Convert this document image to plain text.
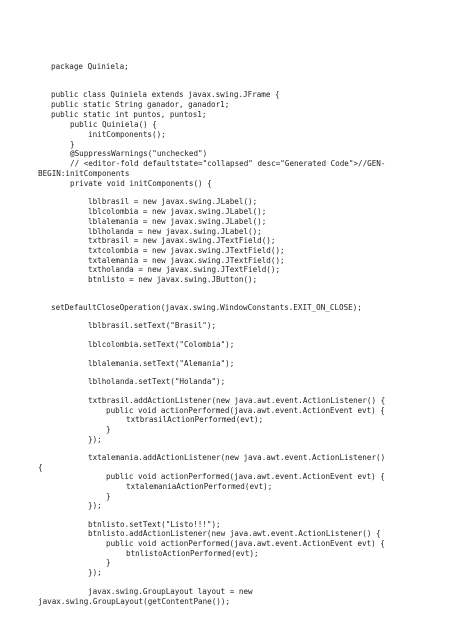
package Quiniela;
public class Quiniela extends javax.swing.JFrame {
public static String ganador, ganador1;
public static int puntos, puntos1;
public Quiniela() {
initComponents();
}
@SuppressWarnings("unchecked")
// <editor-fold defaultstate="collapsed" desc="Generated Code">//GEN-
BEGIN:initComponents
private void initComponents() {
lblbrasil = new javax.swing.JLabel();
lblcolombia = new javax.swing.JLabel();
lblalemania = new javax.swing.JLabel();
lblholanda = new javax.swing.JLabel();
txtbrasil = new javax.swing.JTextField();
txtcolombia = new javax.swing.JTextField();
txtalemania = new javax.swing.JTextField();
txtholanda = new javax.swing.JTextField();
btnlisto = new javax.swing.JButton();
setDefaultCloseOperation(javax.swing.WindowConstants.EXIT_ON_CLOSE);
lblbrasil.setText("Brasil");
lblcolombia.setText("Colombia");
lblalemania.setText("Alemania");
lblholanda.setText("Holanda");
txtbrasil.addActionListener(new java.awt.event.ActionListener() {
public void actionPerformed(java.awt.event.ActionEvent evt) {
txtbrasilActionPerformed(evt);
}
});
txtalemania.addActionListener(new java.awt.event.ActionListener()
{
public void actionPerformed(java.awt.event.ActionEvent evt) {
txtalemaniaActionPerformed(evt);
}
});
btnlisto.setText("Listo!!!");
btnlisto.addActionListener(new java.awt.event.ActionListener() {
public void actionPerformed(java.awt.event.ActionEvent evt) {
btnlistoActionPerformed(evt);
}
});
javax.swing.GroupLayout layout = new
javax.swing.GroupLayout(getContentPane());
